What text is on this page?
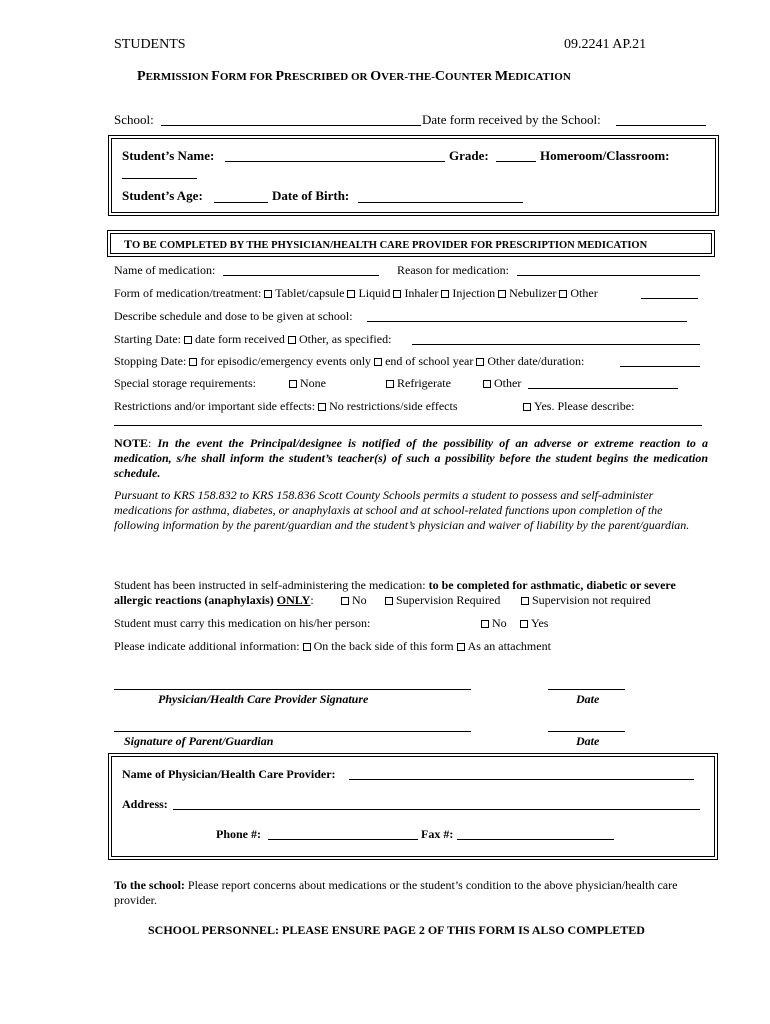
STUDENTS	09.2241 AP.21
PERMISSION FORM FOR PRESCRIBED OR OVER-THE-COUNTER MEDICATION
School:	Date form received by the School:
Student’s Name:	Grade:	Homeroom/Classroom:
Student’s Age:	Date of Birth:
TO BE COMPLETED BY THE PHYSICIAN/HEALTH CARE PROVIDER FOR PRESCRIPTION MEDICATION
Name of medication:	Reason for medication:
Form of medication/treatment: Tablet/capsule Liquid Inhaler Injection Nebulizer Other
Describe schedule and dose to be given at school:
Starting Date: date form received Other, as specified:
Stopping Date: for episodic/emergency events only end of school year Other date/duration:
Special storage requirements:	None	Refrigerate	Other
Restrictions and/or important side effects: No restrictions/side effects	Yes. Please describe:
NOTE: In the event the Principal/designee is notified of the possibility of an adverse or extreme reaction to a medication, s/he shall inform the student’s teacher(s) of such a possibility before the student begins the medication schedule.
Pursuant to KRS 158.832 to KRS 158.836 Scott County Schools permits a student to possess and self-administer medications for asthma, diabetes, or anaphylaxis at school and at school-related functions upon completion of the following information by the parent/guardian and the student’s physician and waiver of liability by the parent/guardian.
Student has been instructed in self-administering the medication: to be completed for asthmatic, diabetic or severe
allergic reactions (anaphylaxis) ONLY:	No	Supervision Required	Supervision not required
Student must carry this medication on his/her person:	No	Yes
Please indicate additional information: On the back side of this form As an attachment
Physician/Health Care Provider Signature	Date
Signature of Parent/Guardian	Date
Name of Physician/Health Care Provider:
Address:
Phone #:	Fax #:
To the school: Please report concerns about medications or the student’s condition to the above physician/health care provider.
SCHOOL PERSONNEL: PLEASE ENSURE PAGE 2 OF THIS FORM IS ALSO COMPLETED
